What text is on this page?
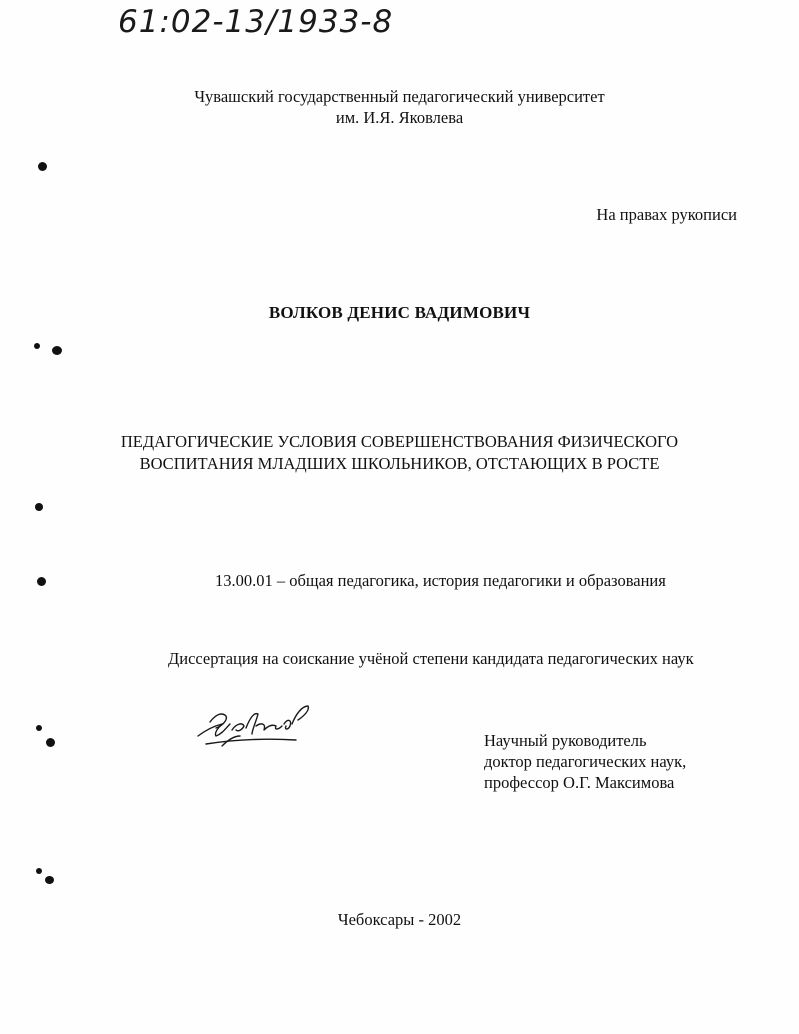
61:02-13/1933-8
Чувашский государственный педагогический университет
им. И.Я. Яковлева
На правах рукописи
ВОЛКОВ ДЕНИС ВАДИМОВИЧ
ПЕДАГОГИЧЕСКИЕ УСЛОВИЯ СОВЕРШЕНСТВОВАНИЯ ФИЗИЧЕСКОГО
ВОСПИТАНИЯ МЛАДШИХ ШКОЛЬНИКОВ, ОТСТАЮЩИХ В РОСТЕ
13.00.01 – общая педагогика, история педагогики и образования
Диссертация на соискание учёной степени кандидата педагогических наук
Научный руководитель
доктор педагогических наук,
профессор О.Г. Максимова
Чебоксары - 2002
